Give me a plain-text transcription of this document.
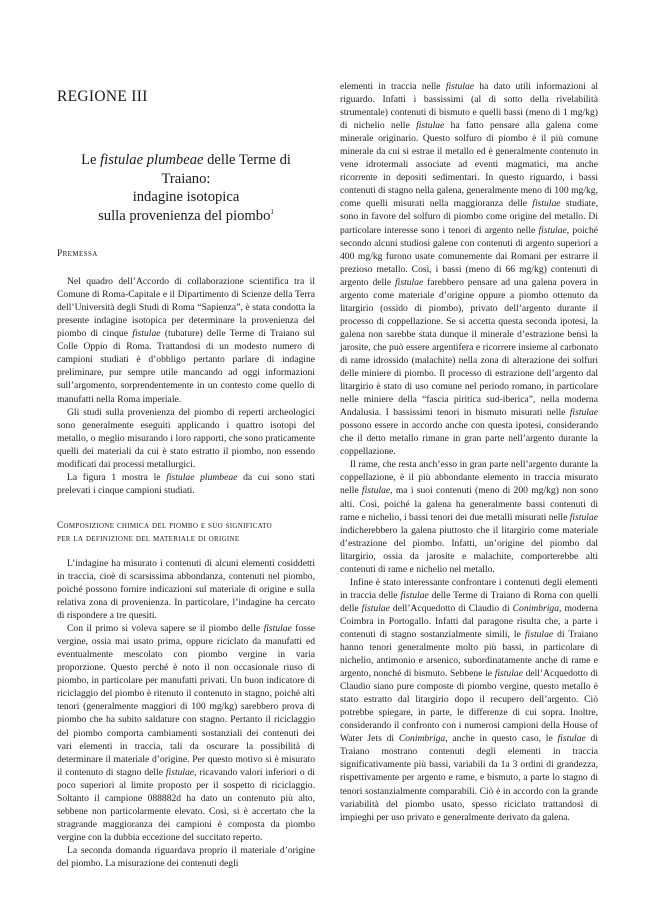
REGIONE III

Le fistulae plumbeae delle Terme di Traiano:
indagine isotopica
sulla provenienza del piombo$^1$

Premessa

Nel quadro dell’Accordo di collaborazione scientifica tra il Comune di Roma-Capitale e il Dipartimento di Scienze della Terra dell’Università degli Studi di Roma “Sapienza”, è stata condotta la presente indagine isotopica per determinare la provenienza del piombo di cinque fistulae (tubature) delle Terme di Traiano sul Colle Oppio di Roma. Trattandosi di un modesto numero di campioni studiati è d’obbligo pertanto parlare di indagine preliminare, pur sempre utile mancando ad oggi informazioni sull’argomento, sorprendentemente in un contesto come quello di manufatti nella Roma imperiale.

Gli studi sulla provenienza del piombo di reperti archeologici sono generalmente eseguiti applicando i quattro isotopi del metallo, o meglio misurando i loro rapporti, che sono praticamente quelli dei materiali da cui è stato estratto il piombo, non essendo modificati dai processi metallurgici.

La figura 1 mostra le fistulae plumbeae da cui sono stati prelevati i cinque campioni studiati.

Composizione chimica del piombo e suo significato
per la definizione del materiale di origine

L’indagine ha misurato i contenuti di alcuni elementi cosiddetti in traccia, cioè di scarsissima abbondanza, contenuti nel piombo, poiché possono fornire indicazioni sul materiale di origine e sulla relativa zona di provenienza. In particolare, l’indagine ha cercato di rispondere a tre quesiti.

Con il primo si voleva sapere se il piombo delle fistulae fosse vergine, ossia mai usato prima, oppure riciclato da manufatti ed eventualmente mescolato con piombo vergine in varia proporzione. Questo perché è noto il non occasionale riuso di piombo, in particolare per manufatti privati. Un buon indicatore di riciclaggio del piombo è ritenuto il contenuto in stagno, poiché alti tenori (generalmente maggiori di 100 mg/kg) sarebbero prova di piombo che ha subito saldature con stagno. Pertanto il riciclaggio del piombo comporta cambiamenti sostanziali dei contenuti dei vari elementi in traccia, tali da oscurare la possibilità di determinare il materiale d’origine. Per questo motivo si è misurato il contenuto di stagno delle fistulae, ricavando valori inferiori o di poco superiori al limite proposto per il sospetto di riciclaggio. Soltanto il campione 088882d ha dato un contenuto più alto, sebbene non particolarmente elevato. Così, si è accertato che la stragrande maggioranza dei campioni è composta da piombo vergine con la dubbia eccezione del succitato reperto.

La seconda domanda riguardava proprio il materiale d’origine del piombo. La misurazione dei contenuti degli

elementi in traccia nelle fistulae ha dato utili informazioni al riguardo. Infatti i bassissimi (al di sotto della rivelabilità strumentale) contenuti di bismuto e quelli bassi (meno di 1 mg/kg) di nichelio nelle fistulae ha fatto pensare alla galena come minerale originario. Questo solfuro di piombo è il più comune minerale da cui si estrae il metallo ed è generalmente contenuto in vene idrotermali associate ad eventi magmatici, ma anche ricorrente in depositi sedimentari. In questo riguardo, i bassi contenuti di stagno nella galena, generalmente meno di 100 mg/kg, come quelli misurati nella maggioranza delle fistulae studiate, sono in favore del solfuro di piombo come origine del metallo. Di particolare interesse sono i tenori di argento nelle fistulae, poiché secondo alcuni studiosi galene con contenuti di argento superiori a 400 mg/kg furono usate comunemente dai Romani per estrarre il prezioso metallo. Così, i bassi (meno di 66 mg/kg) contenuti di argento delle fistulae farebbero pensare ad una galena povera in argento come materiale d’origine oppure a piombo ottenuto da litargirio (ossido di piombo), privato dell’argento durante il processo di coppellazione. Se si accetta questa seconda ipotesi, la galena non sarebbe stata dunque il minerale d’estrazione bensì la jarosite, che può essere argentifera e ricorrere insieme al carbonato di rame idrossido (malachite) nella zona di alterazione dei solfuri delle miniere di piombo. Il processo di estrazione dell’argento dal litargirio è stato di uso comune nel periodo romano, in particolare nelle miniere della “fascia piritica sud-iberica”, nella moderna Andalusia. I bassissimi tenori in bismuto misurati nelle fistulae possono essere in accordo anche con questa ipotesi, considerando che il detto metallo rimane in gran parte nell’argento durante la coppellazione.

Il rame, che resta anch’esso in gran parte nell’argento durante la coppellazione, è il più abbondante elemento in traccia misurato nelle fistulae, ma i suoi contenuti (meno di 200 mg/kg) non sono alti. Così, poiché la galena ha generalmente bassi contenuti di rame e nichelio, i bassi tenori dei due metalli misurati nelle fistulae indicherebbero la galena piuttosto che il litargirio come materiale d’estrazione del piombo. Infatti, un’origine del piombo dal litargirio, ossia da jarosite e malachite, comporterebbe alti contenuti di rame e nichelio nel metallo.

Infine è stato interessante confrontare i contenuti degli elementi in traccia delle fistulae delle Terme di Traiano di Roma con quelli delle fistulae dell’Acquedotto di Claudio di Conimbriga, moderna Coimbra in Portogallo. Infatti dal paragone risulta che, a parte i contenuti di stagno sostanzialmente simili, le fistulae di Traiano hanno tenori generalmente molto più bassi, in particolare di nichelio, antimonio e arsenico, subordinatamente anche di rame e argento, nonché di bismuto. Sebbene le fistulae dell’Acquedotto di Claudio siano pure composte di piombo vergine, questo metallo è stato estratto dal litargirio dopo il recupero dell’argento. Ciò potrebbe spiegare, in parte, le differenze di cui sopra. Inoltre, considerando il confronto con i numerosi campioni della House of Water Jets di Conimbriga, anche in questo caso, le fistulae di Traiano mostrano contenuti degli elementi in traccia significativamente più bassi, variabili da 1a 3 ordini di grandezza, rispettivamente per argento e rame, e bismuto, a parte lo stagno di tenori sostanzialmente comparabili. Ciò è in accordo con la grande variabilità del piombo usato, spesso riciclato trattandosi di impieghi per uso privato e generalmente derivato da galena.
